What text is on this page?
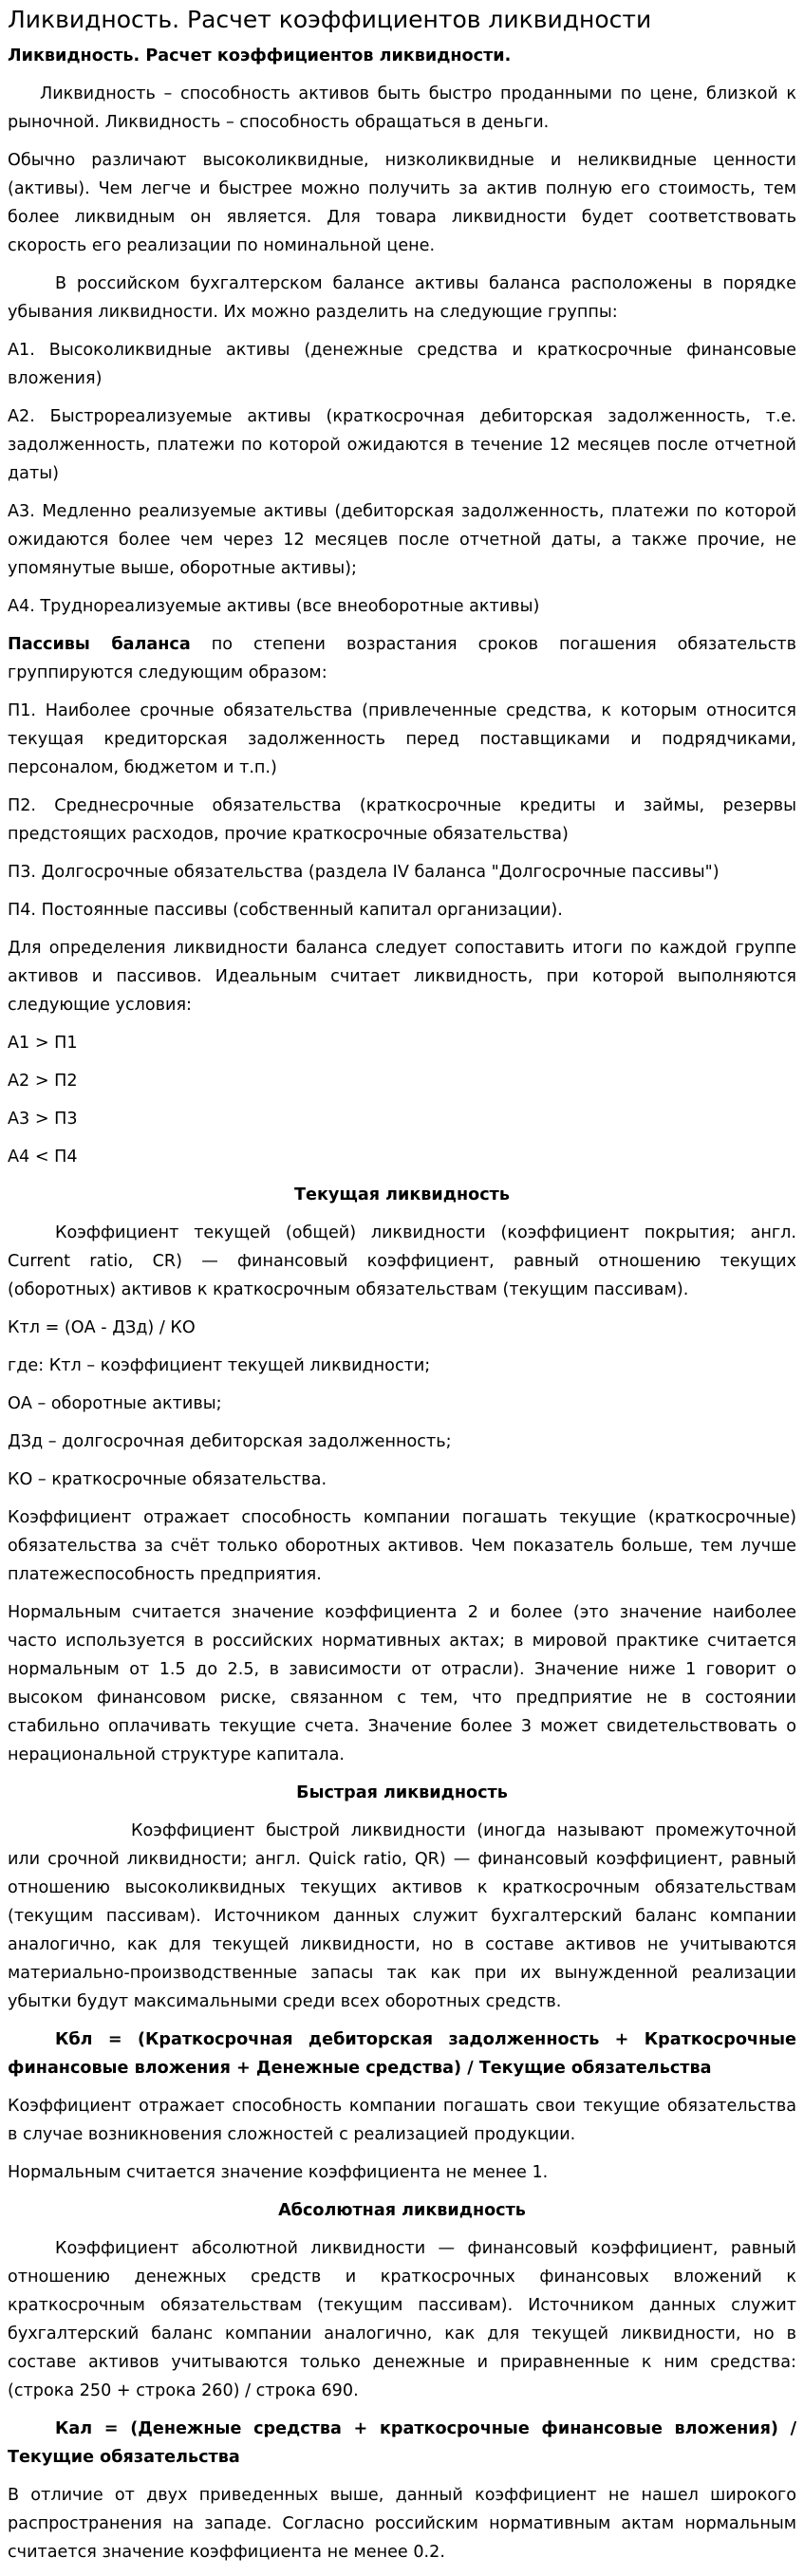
Ликвидность. Расчет коэффициентов ликвидности
Ликвидность. Расчет коэффициентов ликвидности.
Ликвидность – способность активов быть быстро проданными по цене, близкой к рыночной. Ликвидность – способность обращаться в деньги.
Обычно различают высоколиквидные, низколиквидные и неликвидные ценности (активы). Чем легче и быстрее можно получить за актив полную его стоимость, тем более ликвидным он является. Для товара ликвидности будет соответствовать скорость его реализации по номинальной цене.
В российском бухгалтерском балансе активы баланса расположены в порядке убывания ликвидности. Их можно разделить на следующие группы:
А1. Высоколиквидные активы (денежные средства и краткосрочные финансовые вложения)
А2. Быстрореализуемые активы (краткосрочная дебиторская задолженность, т.е. задолженность, платежи по которой ожидаются в течение 12 месяцев после отчетной даты)
А3. Медленно реализуемые активы (дебиторская задолженность, платежи по которой ожидаются более чем через 12 месяцев после отчетной даты, а также прочие, не упомянутые выше, оборотные активы);
А4. Труднореализуемые активы (все внеоборотные активы)
Пассивы баланса по степени возрастания сроков погашения обязательств группируются следующим образом:
П1. Наиболее срочные обязательства (привлеченные средства, к которым относится текущая кредиторская задолженность перед поставщиками и подрядчиками, персоналом, бюджетом и т.п.)
П2. Среднесрочные обязательства (краткосрочные кредиты и займы, резервы предстоящих расходов, прочие краткосрочные обязательства)
П3. Долгосрочные обязательства (раздела IV баланса "Долгосрочные пассивы")
П4. Постоянные пассивы (собственный капитал организации).
Для определения ликвидности баланса следует сопоставить итоги по каждой группе активов и пассивов. Идеальным считает ликвидность, при которой выполняются следующие условия:
А1 > П1
А2 > П2
А3 > П3
А4 < П4
Текущая ликвидность
Коэффициент текущей (общей) ликвидности (коэффициент покрытия; англ. Current ratio, CR) — финансовый коэффициент, равный отношению текущих (оборотных) активов к краткосрочным обязательствам (текущим пассивам).
Ктл = (ОА - ДЗд) / КО
где: Ктл – коэффициент текущей ликвидности;
ОА – оборотные активы;
ДЗд – долгосрочная дебиторская задолженность;
КО – краткосрочные обязательства.
Коэффициент отражает способность компании погашать текущие (краткосрочные) обязательства за счёт только оборотных активов. Чем показатель больше, тем лучше платежеспособность предприятия.
Нормальным считается значение коэффициента 2 и более (это значение наиболее часто используется в российских нормативных актах; в мировой практике считается нормальным от 1.5 до 2.5, в зависимости от отрасли). Значение ниже 1 говорит о высоком финансовом риске, связанном с тем, что предприятие не в состоянии стабильно оплачивать текущие счета. Значение более 3 может свидетельствовать о нерациональной структуре капитала.
Быстрая ликвидность
Коэффициент быстрой ликвидности (иногда называют промежуточной или срочной ликвидности; англ. Quick ratio, QR) — финансовый коэффициент, равный отношению высоколиквидных текущих активов к краткосрочным обязательствам (текущим пассивам). Источником данных служит бухгалтерский баланс компании аналогично, как для текущей ликвидности, но в составе активов не учитываются материально-производственные запасы так как при их вынужденной реализации убытки будут максимальными среди всех оборотных средств.
Кбл = (Краткосрочная дебиторская задолженность + Краткосрочные финансовые вложения + Денежные средства) / Текущие обязательства
Коэффициент отражает способность компании погашать свои текущие обязательства в случае возникновения сложностей с реализацией продукции.
Нормальным считается значение коэффициента не менее 1.
Абсолютная ликвидность
Коэффициент абсолютной ликвидности — финансовый коэффициент, равный отношению денежных средств и краткосрочных финансовых вложений к краткосрочным обязательствам (текущим пассивам). Источником данных служит бухгалтерский баланс компании аналогично, как для текущей ликвидности, но в составе активов учитываются только денежные и приравненные к ним средства: (строка 250 + строка 260) / строка 690.
Кал = (Денежные средства + краткосрочные финансовые вложения) / Текущие обязательства
В отличие от двух приведенных выше, данный коэффициент не нашел широкого распространения на западе. Согласно российским нормативным актам нормальным считается значение коэффициента не менее 0.2.
